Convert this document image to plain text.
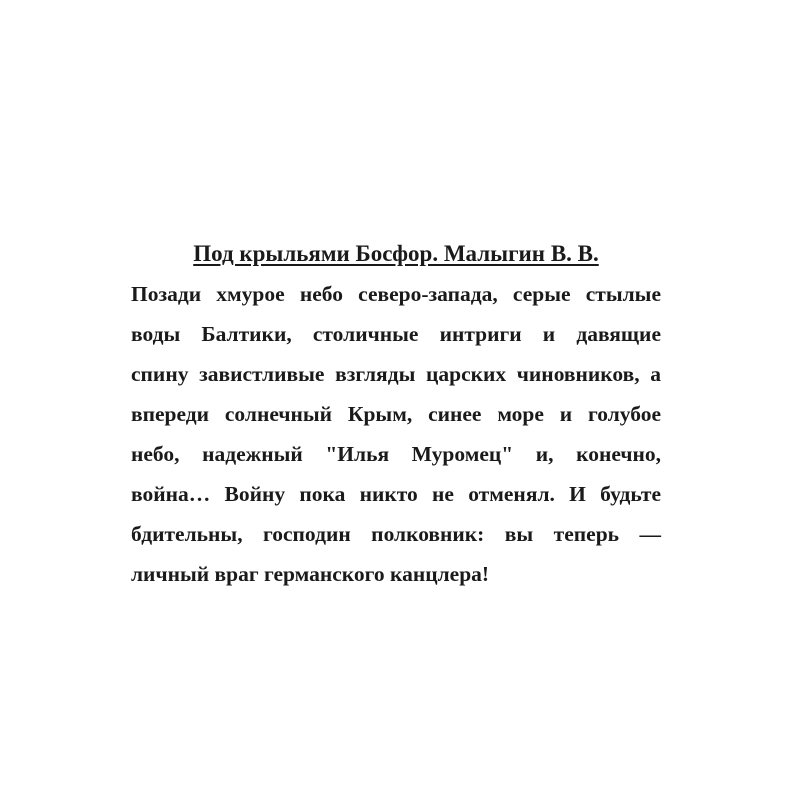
Под крыльями Босфор. Малыгин В. В.
Позади хмурое небо северо-запада, серые стылые
воды Балтики, столичные интриги и давящие
спину завистливые взгляды царских чиновников, а
впереди солнечный Крым, синее море и голубое
небо, надежный "Илья Муромец" и, конечно,
война… Войну пока никто не отменял. И будьте
бдительны, господин полковник: вы теперь —
личный враг германского канцлера!
